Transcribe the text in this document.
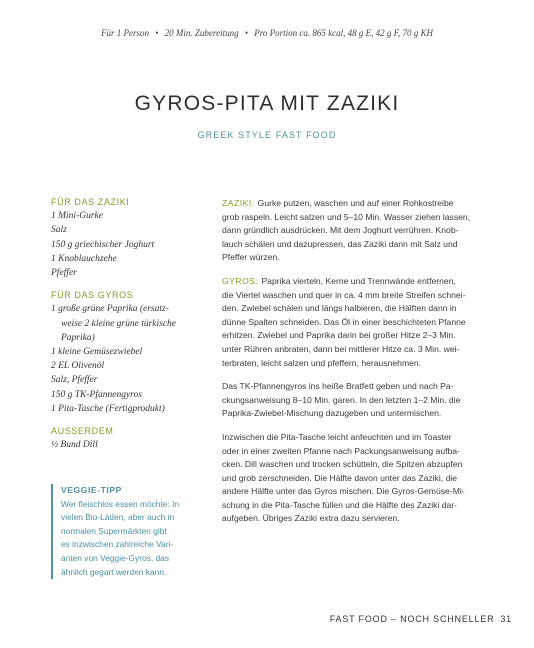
Für 1 Person • 20 Min. Zubereitung • Pro Portion ca. 865 kcal, 48 g E, 42 g F, 70 g KH
GYROS-PITA MIT ZAZIKI
GREEK STYLE FAST FOOD
FÜR DAS ZAZIKI
1 Mini-Gurke
Salz
150 g griechischer Joghurt
1 Knoblauchzehe
Pfeffer
FÜR DAS GYROS
1 große grüne Paprika (ersatz-
weise 2 kleine grüne türkische
Paprika)
1 kleine Gemüsezwiebel
2 EL Olivenöl
Salz, Pfeffer
150 g TK-Pfannengyros
1 Pita-Tasche (Fertigprodukt)
AUSSERDEM
½ Bund Dill
VEGGIE-TIPP
Wer fleischlos essen möchte: In
vielen Bio-Läden, aber auch in
normalen Supermärkten gibt
es inzwischen zahlreiche Vari-
anten von Veggie-Gyros, das
ähnlich gegart werden kann.

ZAZIKI: Gurke putzen, waschen und auf einer Rohkostreibe
grob raspeln. Leicht salzen und 5–10 Min. Wasser ziehen lassen,
dann gründlich ausdrücken. Mit dem Joghurt verrühren. Knob-
lauch schälen und dazupressen, das Zaziki dann mit Salz und
Pfeffer würzen.

GYROS: Paprika vierteln, Kerne und Trennwände entfernen,
die Viertel waschen und quer in ca. 4 mm breite Streifen schnei-
den. Zwiebel schälen und längs halbieren, die Hälften dann in
dünne Spalten schneiden. Das Öl in einer beschichteten Pfanne
erhitzen. Zwiebel und Paprika darin bei großer Hitze 2–3 Min.
unter Rühren anbraten, dann bei mittlerer Hitze ca. 3 Min. wei-
terbraten, leicht salzen und pfeffern, herausnehmen.

Das TK-Pfannengyros ins heiße Bratfett geben und nach Pa-
ckungsanweisung 8–10 Min. garen. In den letzten 1–2 Min. die
Paprika-Zwiebel-Mischung dazugeben und untermischen.

Inzwischen die Pita-Tasche leicht anfeuchten und im Toaster
oder in einer zweiten Pfanne nach Packungsanweisung aufba-
cken. Dill waschen und trocken schütteln, die Spitzen abzupfen
und grob zerschneiden. Die Hälfte davon unter das Zaziki, die
andere Hälfte unter das Gyros mischen. Die Gyros-Gemüse-Mi-
schung in die Pita-Tasche füllen und die Hälfte des Zaziki dar-
aufgeben. Übriges Zaziki extra dazu servieren.

FAST FOOD – NOCH SCHNELLER 31
